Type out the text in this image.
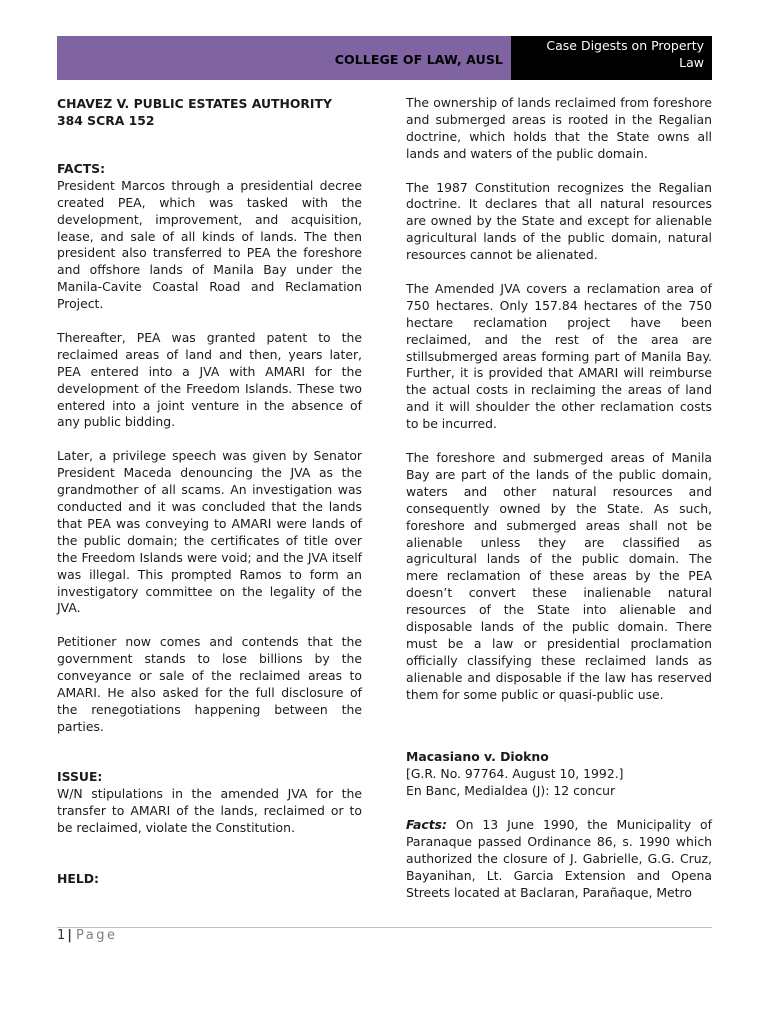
COLLEGE OF LAW, AUSL
Case Digests on Property
Law
CHAVEZ V. PUBLIC ESTATES AUTHORITY
384 SCRA 152
FACTS:

President Marcos through a presidential decree created PEA, which was tasked with the development, improvement, and acquisition, lease, and sale of all kinds of lands. The then president also transferred to PEA the foreshore and offshore lands of Manila Bay under the Manila-Cavite Coastal Road and Reclamation Project.

Thereafter, PEA was granted patent to the reclaimed areas of land and then, years later, PEA entered into a JVA with AMARI for the development of the Freedom Islands. These two entered into a joint venture in the absence of any public bidding.

Later, a privilege speech was given by Senator President Maceda denouncing the JVA as the grandmother of all scams. An investigation was conducted and it was concluded that the lands that PEA was conveying to AMARI were lands of the public domain; the certificates of title over the Freedom Islands were void; and the JVA itself was illegal. This prompted Ramos to form an investigatory committee on the legality of the JVA.

Petitioner now comes and contends that the government stands to lose billions by the conveyance or sale of the reclaimed areas to AMARI. He also asked for the full disclosure of the renegotiations happening between the parties.

ISSUE:

W/N stipulations in the amended JVA for the transfer to AMARI of the lands, reclaimed or to be reclaimed, violate the Constitution.

HELD:

The ownership of lands reclaimed from foreshore and submerged areas is rooted in the Regalian doctrine, which holds that the State owns all lands and waters of the public domain.

The 1987 Constitution recognizes the Regalian doctrine. It declares that all natural resources are owned by the State and except for alienable agricultural lands of the public domain, natural resources cannot be alienated.

The Amended JVA covers a reclamation area of 750 hectares. Only 157.84 hectares of the 750 hectare reclamation project have been reclaimed, and the rest of the area are stillsubmerged areas forming part of Manila Bay. Further, it is provided that AMARI will reimburse the actual costs in reclaiming the areas of land and it will shoulder the other reclamation costs to be incurred.

The foreshore and submerged areas of Manila Bay are part of the lands of the public domain, waters and other natural resources and consequently owned by the State. As such, foreshore and submerged areas shall not be alienable unless they are classified as agricultural lands of the public domain. The mere reclamation of these areas by the PEA doesn’t convert these inalienable natural resources of the State into alienable and disposable lands of the public domain. There must be a law or presidential proclamation officially classifying these reclaimed lands as alienable and disposable if the law has reserved them for some public or quasi-public use.

Macasiano v. Diokno
[G.R. No. 97764. August 10, 1992.]
En Banc, Medialdea (J): 12 concur

Facts: On 13 June 1990, the Municipality of Paranaque passed Ordinance 86, s. 1990 which authorized the closure of J. Gabrielle, G.G. Cruz, Bayanihan, Lt. Garcia Extension and Opena Streets located at Baclaran, Parañaque, Metro

1 | Page
